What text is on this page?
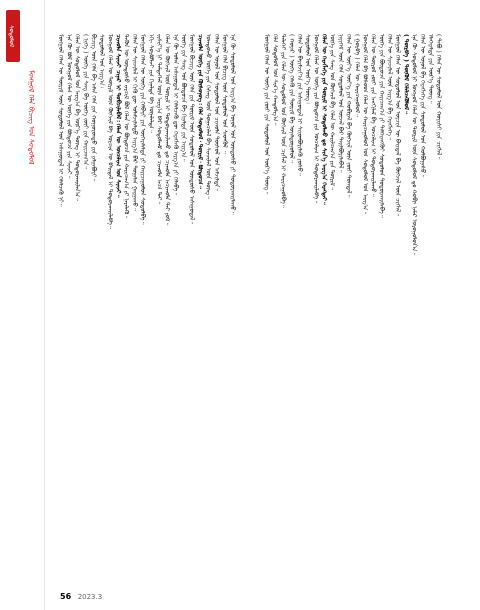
ᠰᠤᠳᠤᠯᠤᠯ
ᠮᠣᠩᠭᠣᠯ ᠬᠡᠯᠡ ᠪᠢᠴᠢᠭ ᠤᠨ ᠰᠤᠳᠤᠯᠤᠯ	ᠮᠣᠩᠭᠣᠯ ᠬᠡᠯᠡᠨ ᠦ ᠳᠦᠷᠢᠮ ᠦᠨ ᠰᠤᠳᠤᠯᠤᠯ ᠤᠨ ᠠᠰᠠᠭᠤᠳᠠᠯ ᠢ ᠬᠡᠯᠡᠯᠴᠡᠬᠦ ᠨᠢ᠃ ᠡᠨᠡ ᠬᠦ ᠪᠣᠯ ᠮᠣᠩᠭᠣᠯ ᠬᠡᠯᠡᠨ ᠦ ᠦᠭᠡ ᠶᠢᠨ ᠪᠦᠲᠦᠴᠡ ᠶᠢᠨ ᠰᠢᠨᠵᠢ᠃ ᠬᠡᠯᠡᠨ ᠦ ᠰᠤᠳᠤᠯᠤᠯ ᠤᠨ ᠠᠷᠭ᠎ᠠ ᠪᠠ ᠦᠷ᠎ᠡ ᠳᠦᠩ ᠢ ᠲᠣᠳᠤᠷᠬᠠᠢᠯᠠᠨ᠎ᠠ᠃ ( ᠨᠢᠭᠡ ) ᠦᠭᠡ ᠶᠢᠨ ᠰᠠᠩ ᠪᠠ ᠦᠭᠡ ᠵᠦᠢ ᠶᠢᠨ ᠬᠠᠷᠢᠴᠠᠭ᠎ᠠ᠃ ᠪᠢᠴᠢᠭ ᠦᠨ ᠬᠡᠯᠡ ᠪᠠ ᠠᠮᠠᠨ ᠬᠡᠯᠡ ᠶᠢᠨ ᠬᠣᠭᠣᠷᠤᠨᠳᠤ ᠶᠢᠨ ᠶᠠᠯᠭᠠᠪᠤᠷᠢ᠃ ᠰᠤᠳᠤᠯᠤᠯ ᠤᠨ ᠠᠷᠭ᠎ᠠ᠄ ᠮᠣᠩᠭᠣᠯ ᠬᠡᠯᠡᠨ ᠦ ᠳᠦᠷᠢᠮ ᠦᠨ ᠬᠥᠭᠵᠢᠯ ᠪᠠ ᠣᠷᠴᠢᠨ ᠦ ᠪᠠᠢᠳᠠᠯ ᠢ ᠲᠣᠳᠤᠷᠬᠠᠢᠯᠠᠪᠠ᠃ ᠴᠢᠬᠤᠯᠠ ᠰᠢᠨᠵᠢ ᠴᠢᠨᠠᠷ ᠢ ᠲᠣᠪᠴᠢᠯᠠᠪᠠᠯ᠄ ᠬᠡᠯᠡᠨ ᠦ ᠣᠨᠴᠠᠯᠢᠭ ᠤᠨ ᠰᠢᠨᠵᠢ᠃ ᠲᠡᠭᠦᠨ ᠦ ᠦᠨᠳᠦᠰᠦ ᠵᠠᠷᠴᠢᠮ ᠪᠣᠯ ᠬᠡᠯᠡᠨ ᠦ ᠪᠦᠲᠦᠴᠡ ᠶᠢᠨ ᠬᠠᠷᠢᠴᠠᠭ᠎ᠠ ᠶᠢ ᠨᠡᠷᠡᠯᠡᠬᠦ᠃ ᠬᠡᠯᠡᠨ ᠦ ᠰᠢᠨᠵᠢᠯᠡᠯ ᠢ ᠬᠢᠬᠦ ᠳᠦ ᠤᠯᠠᠮᠵᠢᠯᠠᠯᠲᠤ ᠠᠷᠭ᠎ᠠ ᠪᠠᠷ ᠲᠣᠭᠠᠯᠠᠨ ᠭᠠᠷᠭᠠᠬᠤ᠃ ᠮᠣᠩᠭᠣᠯ ᠬᠡᠯᠡᠨ ᠦ ᠦᠭᠡ ᠶᠢᠨ ᠬᠡᠯᠪᠡᠷᠢ ᠶᠢᠨ ᠥᠭᠡᠷᠡᠯᠡᠯᠲᠡ ᠶᠢ ᠬᠠᠷᠢᠴᠠᠭᠤᠯᠤᠨ ᠰᠤᠳᠤᠯᠪᠠ᠃ ᠡᠬᠢ ᠰᠤᠷᠪᠤᠯᠵᠢ ᠶᠢᠨ ᠬᠢᠨᠠᠯᠲᠠ ᠪᠠ ᠦᠨᠡᠯᠡᠯᠲᠡ᠃ ᠵᠢᠱᠢᠶ᠎ᠡ ᠨᠢ ᠲᠡᠮᠳᠡᠭᠯᠡᠯ ᠦᠨ ᠠᠷᠭ᠎ᠠ ᠪᠠᠷ ᠰᠤᠳᠤᠯᠬᠤ ᠳᠤ ᠴᠢᠬᠤᠯᠠ ᠠᠴᠠ ᠲᠠᠢ᠃ ᠬᠡᠯᠡᠨ ᠦ ᠬᠥᠭᠵᠢᠯ ᠦᠨ ᠳᠦᠷᠢᠮ ᠢ ᠲᠣᠳᠤᠷᠬᠠᠢᠯᠠᠬᠤ ᠳᠤ ᠴᠢᠬᠤᠯᠠ ᠠᠴᠢᠬᠤᠯᠠ ᠲᠠᠢ ᠶᠤᠮ᠃ ᠡᠨᠡ ᠬᠦ ᠣᠯᠠᠨ ᠠᠰᠠᠭᠤᠳᠠᠯ ᠢ ᠬᠡᠯᠡᠯᠴᠡᠬᠦ ᠳᠦ ᠬᠡᠷᠡᠭᠯᠡᠬᠦ ᠠᠷᠭ᠎ᠠ ᠶᠢ ᠬᠡᠯᠡᠪᠡ᠃ ᠦᠭᠡ ᠶᠢᠨ ᠰᠠᠩ ᠤᠨ ᠪᠦᠲᠦᠴᠡ ᠪᠠ ᠬᠢᠨᠠᠯᠲᠠ ᠶᠢᠨ ᠠᠷᠭ᠎ᠠ᠃ ᠮᠣᠩᠭᠣᠯ ᠪᠢᠴᠢᠭ ᠦᠨ ᠬᠡᠯᠡ ᠶᠢᠨ ᠳᠦᠷᠢᠮ ᠦᠨ ᠰᠤᠳᠤᠯᠤᠯ ᠤᠨ ᠦᠨᠳᠦᠰᠦ ᠠᠰᠠᠭᠤᠳᠠᠯ᠃ ᠴᠢᠬᠤᠯᠠ ᠦᠭᠡ ᠶᠢᠨ ᠬᠦᠰᠦᠨᠦᠭ᠄ ᠬᠡᠯᠡ ᠰᠤᠳᠤᠯᠤᠯ᠂ ᠳᠦᠷᠢᠮ᠂ ᠪᠦᠲᠦᠴᠡ᠃ ᠤᠭᠳᠤᠬᠤ ᠦᠭᠡ ᠶᠢᠨ ᠬᠡᠰᠡᠭ ᠦᠨ ᠲᠣᠭᠠᠴᠠᠯᠠᠯ ᠪᠠ ᠰᠢᠨᠵᠢᠯᠡᠯ ᠦᠨ ᠳᠦᠩ᠃ ᠬᠡᠯᠡᠨ ᠦ ᠣᠨᠣᠯ ᠤᠨ ᠰᠤᠳᠤᠯᠤᠯ ᠤᠨ ᠴᠢᠬᠤᠯᠠ ᠲᠥᠰᠥᠯ ᠤᠨ ᠠᠮᠵᠢᠯᠲᠠ᠃ ᠮᠣᠩᠭᠣᠯ ᠬᠡᠯᠡ ᠪᠢᠴᠢᠭ ᠦᠨ ᠰᠤᠳᠤᠯᠤᠯ ᠤᠨ ᠰᠡᠳᠭᠦᠯ ᠃ ᠡᠨᠡ ᠬᠦ ᠰᠤᠳᠤᠯᠤᠯ ᠤᠨ ᠠᠷᠭ᠎ᠠ ᠪᠠ ᠣᠨᠣᠯ ᠤᠨ ᠦᠨᠳᠦᠰᠦ ᠶᠢ ᠲᠣᠳᠤᠷᠬᠠᠢᠯᠠᠬᠤ᠃	ᠮᠣᠩᠭᠣᠯ ᠬᠡᠯᠡᠨ ᠦ ᠦᠭᠡ ᠶᠢᠨ ᠵᠦᠢ ᠶᠢᠨ ᠰᠤᠳᠤᠯᠤᠯ ᠤᠨ ᠦᠷ᠎ᠡ ᠳᠦᠩ᠃ ᠬᠡᠯᠡ ᠰᠤᠳᠤᠯᠤᠯ ᠤᠨ ᠰᠢᠨ᠎ᠡ ᠬᠠᠨᠳᠤᠯᠭ᠎ᠠ᠃ ᠳᠡᠯᠡᠬᠡᠢ ᠶᠢᠨ ᠬᠡᠯᠡᠨ ᠦ ᠰᠤᠳᠤᠯᠤᠯ ᠤᠨ ᠬᠥᠭᠵᠢᠯ ᠦᠨ ᠴᠢᠭᠯᠡᠯ ᠢ ᠬᠠᠷᠢᠴᠠᠭᠤᠯᠪᠠ᠃ ( ᠬᠣᠶᠠᠷ ) ᠦᠭᠡ ᠬᠡᠯᠡᠬᠦ ᠶᠢᠨ ᠳᠦᠷᠢᠮ ᠪᠠ ᠤᠶᠠᠯᠳᠤᠭᠤᠯᠤᠯ᠃ ᠬᠡᠯᠡᠨ ᠦ ᠪᠠᠷᠢᠮᠵᠢᠶ᠎ᠠ ᠶᠢᠨ ᠠᠰᠠᠭᠤᠳᠠᠯ ᠢ ᠰᠢᠢᠳᠪᠦᠷᠢᠯᠡᠬᠦ ᠶᠣᠰᠣ᠃ ᠰᠤᠳᠤᠯᠤᠯ ᠤᠨ ᠦᠷ᠎ᠡ ᠳᠦᠩ᠄ ᠮᠣᠩᠭᠣᠯ ᠬᠡᠯᠡᠨ ᠦ ᠦᠭᠡ ᠶᠢᠨ ᠪᠦᠲᠦᠴᠡ ᠶᠢᠨ ᠣᠨᠴᠠᠯᠢᠭ ᠢ ᠲᠣᠳᠤᠷᠬᠠᠢᠯᠠᠪᠠ᠃ ᠬᠡᠯᠡᠨ ᠦ ᠬᠡᠷᠡᠭᠯᠡᠭᠡ ᠶᠢᠨ ᠳᠦᠷᠢᠮ ᠢ ᠰᠤᠳᠤᠯᠬᠤ ᠳᠤ ᠰᠢᠨ᠎ᠡ ᠠᠷᠭ᠎ᠠ ᠬᠡᠷᠡᠭᠲᠡᠢ᠃ ᠦᠭᠡ ᠶᠢᠨ ᠰᠠᠩ ᠤᠨ ᠬᠥᠭᠵᠢᠯ ᠪᠠ ᠬᠡᠯᠡᠨ ᠦ ᠬᠠᠷᠢᠯᠴᠠᠭ᠎ᠠ ᠶᠢᠨ ᠳᠦᠷᠢᠮ᠃ ᠨᠡᠶᠢᠭᠡᠮ ᠦᠨ ᠬᠡᠯᠡ ᠰᠤᠳᠤᠯᠤᠯ ᠤᠨ ᠦᠵᠡᠯ ᠪᠠᠷ ᠲᠠᠢᠯᠪᠤᠷᠢᠯᠠᠪᠠᠯ᠃ ᠬᠡᠯᠡᠨ ᠦ ᠦᠶ᠎ᠡ ᠦᠶ᠎ᠡ ᠶᠢᠨ ᠬᠤᠪᠢᠷᠠᠯ ᠪᠠ ᠬᠥᠭᠵᠢᠯ ᠦᠨ ᠵᠦᠢ ᠲᠣᠭᠲᠠᠯ᠃ ( ᠭᠤᠷᠪᠠ ) ᠬᠡᠯᠡᠨ ᠦ ᠬᠠᠷᠢᠴᠠᠭᠤᠯᠤᠯ᠃ ᠮᠣᠩᠭᠣᠯ ᠬᠡᠯᠡ ᠪᠠ ᠪᠤᠰᠤᠳ ᠬᠡᠯᠡᠨ ᠦ ᠬᠠᠷᠢᠴᠠᠭᠤᠯᠤᠯ ᠤᠨ ᠰᠤᠳᠤᠯᠤᠯ ᠤᠨ ᠠᠷᠭ᠎ᠠ᠃ ᠬᠡᠯᠡᠨ ᠦ ᠲᠥᠷᠥᠯ ᠵᠦᠢ ᠶᠢᠨ ᠠᠩᠭᠢᠯᠠᠯ ᠪᠠ ᠣᠨᠴᠠᠯᠢᠭ ᠢ ᠲᠣᠳᠤᠷᠬᠠᠢᠯᠠᠬᠤ᠃ ᠦᠭᠡ ᠶᠢᠨ ᠪᠦᠲᠦᠴᠡ ᠶᠢᠨ ᠬᠠᠷᠢᠴᠠᠭ᠎ᠠ ᠶᠢ ᠳᠡᠯᠭᠡᠷᠡᠩᠭᠦᠢ ᠰᠤᠳᠤᠯᠤᠨ ᠲᠣᠳᠤᠷᠬᠠᠢᠯᠠᠪᠠ᠃ ᠬᠡᠯᠡᠨ ᠦ ᠰᠢᠨᠵᠢᠯᠡᠯ ᠦᠨ ᠠᠷᠭ᠎ᠠ ᠪᠠ ᠬᠡᠷᠡᠭᠯᠡᠭᠡ᠃ ᠮᠣᠩᠭᠣᠯ ᠬᠡᠯᠡᠨ ᠦ ᠰᠤᠳᠤᠯᠤᠯ ᠤᠨ ᠣᠷᠴᠢᠨ ᠦ ᠪᠠᠢᠳᠠᠯ ᠪᠠ ᠬᠥᠭᠵᠢᠯ ᠦᠨ ᠴᠢᠭᠯᠡᠯ᠃ ( ᠳᠥᠷᠪᠡ ) ᠳᠦᠭᠦᠮ ᠬᠡᠯᠡᠯᠴᠡᠭᠦᠯᠦᠯ᠃ ᠡᠨᠡ ᠬᠦ ᠰᠤᠳᠤᠯᠤᠯ ᠨᠢ ᠮᠣᠩᠭᠣᠯ ᠬᠡᠯᠡᠨ ᠦ ᠳᠦᠷᠢᠮ ᠦᠨ ᠰᠤᠳᠤᠯᠤᠯ ᠳᠤ ᠬᠤᠪᠢ ᠨᠡᠮᠡᠷ ᠣᠷᠤᠭᠤᠯᠤᠨ᠎ᠠ᠃ ᠬᠡᠯᠡᠨ ᠦ ᠣᠨᠣᠯ ᠪᠠ ᠬᠡᠷᠡᠭᠯᠡᠭᠡ ᠶᠢᠨ ᠰᠤᠳᠤᠯᠤᠯ ᠤᠨ ᠬᠣᠯᠪᠣᠭᠠᠰᠤ᠃ ᠡᠯᠡᠭᠡᠷᠡᠯᠲᠡ ᠶᠢᠨ ᠦᠷ᠎ᠡ ᠳᠦᠩ᠃ ( ᠲᠠᠪᠤ ) ᠬᠡᠯᠡᠨ ᠦ ᠰᠤᠳᠤᠯᠤᠯ ᠤᠨ ᠬᠣᠶᠢᠰᠢ ᠶᠢᠨ ᠴᠢᠭᠯᠡᠯ᠃
56 2023.3
